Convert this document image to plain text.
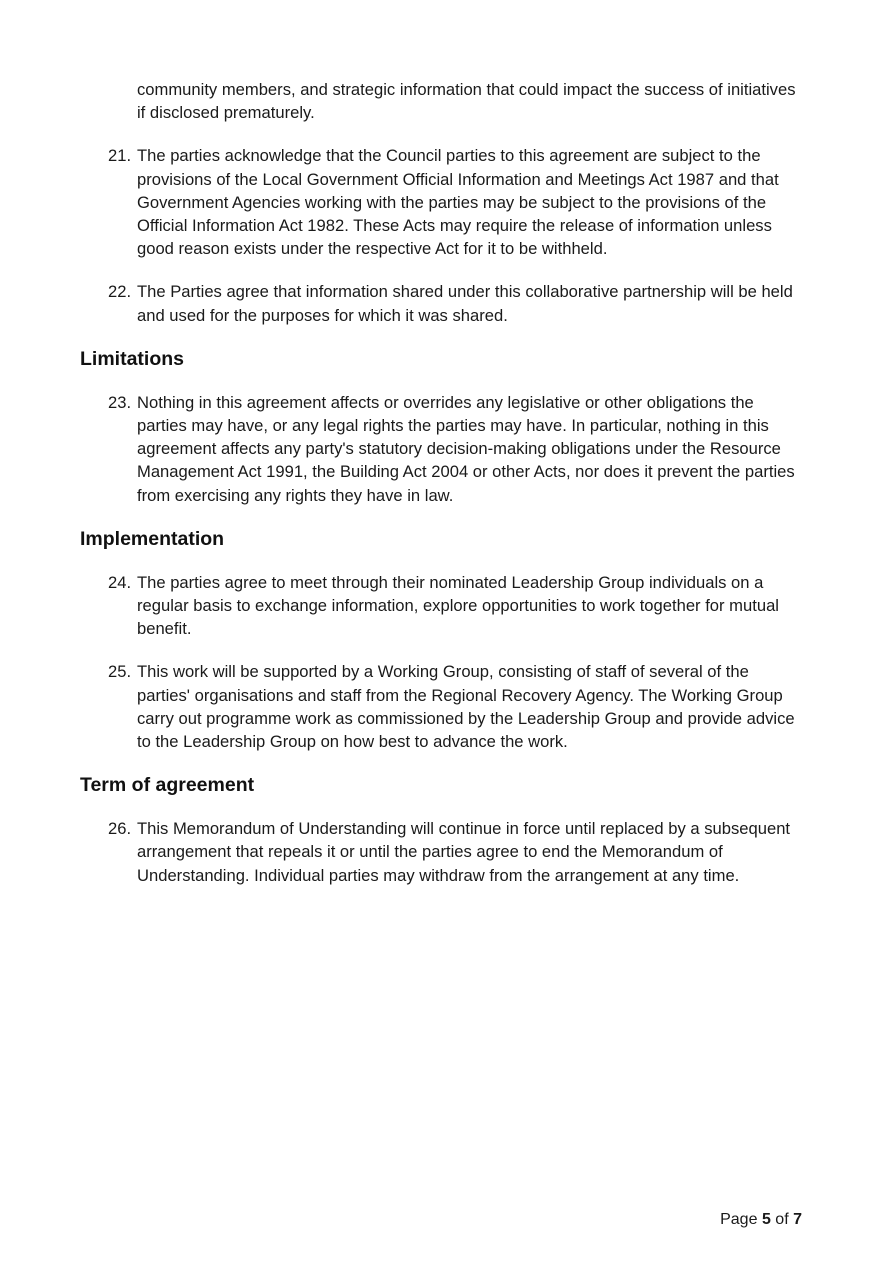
community members, and strategic information that could impact the success of initiatives if disclosed prematurely.

21. The parties acknowledge that the Council parties to this agreement are subject to the provisions of the Local Government Official Information and Meetings Act 1987 and that Government Agencies working with the parties may be subject to the provisions of the Official Information Act 1982. These Acts may require the release of information unless good reason exists under the respective Act for it to be withheld.
22. The Parties agree that information shared under this collaborative partnership will be held and used for the purposes for which it was shared.
Limitations
23. Nothing in this agreement affects or overrides any legislative or other obligations the parties may have, or any legal rights the parties may have. In particular, nothing in this agreement affects any party's statutory decision-making obligations under the Resource Management Act 1991, the Building Act 2004 or other Acts, nor does it prevent the parties from exercising any rights they have in law.
Implementation
24. The parties agree to meet through their nominated Leadership Group individuals on a regular basis to exchange information, explore opportunities to work together for mutual benefit.
25. This work will be supported by a Working Group, consisting of staff of several of the parties' organisations and staff from the Regional Recovery Agency. The Working Group carry out programme work as commissioned by the Leadership Group and provide advice to the Leadership Group on how best to advance the work.
Term of agreement
26. This Memorandum of Understanding will continue in force until replaced by a subsequent arrangement that repeals it or until the parties agree to end the Memorandum of Understanding. Individual parties may withdraw from the arrangement at any time.
Page 5 of 7
